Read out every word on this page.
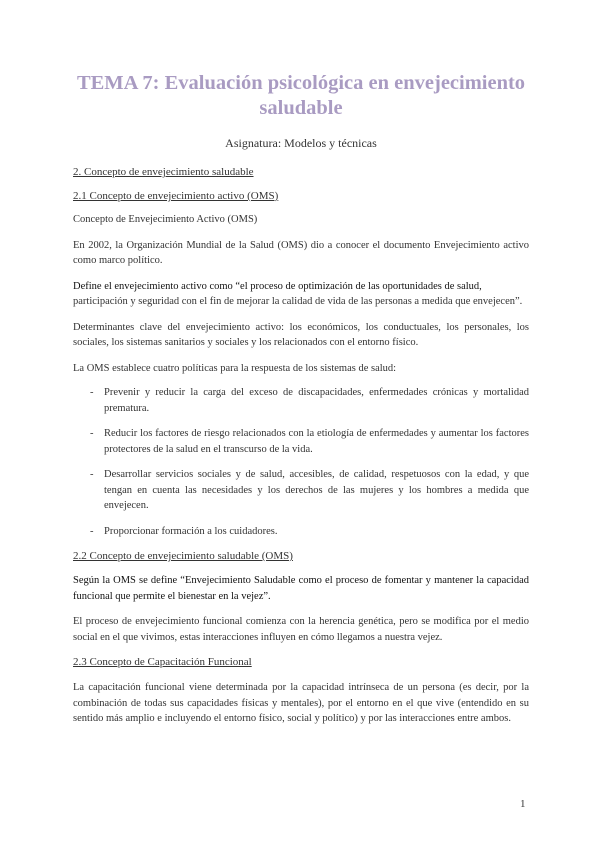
TEMA 7: Evaluación psicológica en envejecimiento saludable
Asignatura: Modelos y técnicas
2. Concepto de envejecimiento saludable
2.1 Concepto de envejecimiento activo (OMS)

Concepto de Envejecimiento Activo (OMS)

En 2002, la Organización Mundial de la Salud (OMS) dio a conocer el documento Envejecimiento activo como marco político.

Define el envejecimiento activo como “el proceso de optimización de las oportunidades de salud,

participación y seguridad con el fin de mejorar la calidad de vida de las personas a medida que envejecen”.

Determinantes clave del envejecimiento activo: los económicos, los conductuales, los personales, los sociales, los sistemas sanitarios y sociales y los relacionados con el entorno físico.

La OMS establece cuatro políticas para la respuesta de los sistemas de salud:

- Prevenir y reducir la carga del exceso de discapacidades, enfermedades crónicas y mortalidad prematura.
- Reducir los factores de riesgo relacionados con la etiología de enfermedades y aumentar los factores protectores de la salud en el transcurso de la vida.
- Desarrollar servicios sociales y de salud, accesibles, de calidad, respetuosos con la edad, y que tengan en cuenta las necesidades y los derechos de las mujeres y los hombres a medida que envejecen.
- Proporcionar formación a los cuidadores.
2.2 Concepto de envejecimiento saludable (OMS)

Según la OMS se define “Envejecimiento Saludable como el proceso de fomentar y mantener la capacidad funcional que permite el bienestar en la vejez”.

El proceso de envejecimiento funcional comienza con la herencia genética, pero se modifica por el medio social en el que vivimos, estas interacciones influyen en cómo llegamos a nuestra vejez.

2.3 Concepto de Capacitación Funcional

La capacitación funcional viene determinada por la capacidad intrínseca de un persona (es decir, por la combinación de todas sus capacidades físicas y mentales), por el entorno en el que vive (entendido en su sentido más amplio e incluyendo el entorno físico, social y político) y por las interacciones entre ambos.

1
